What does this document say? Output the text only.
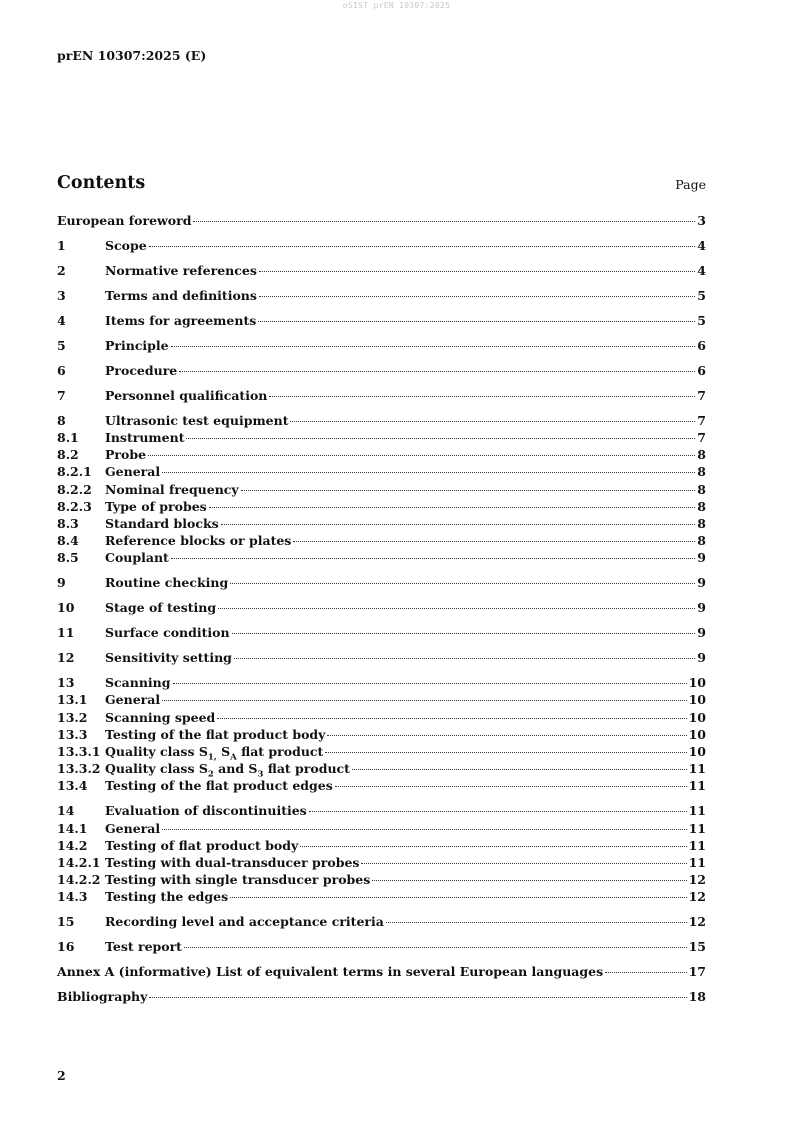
oSIST prEN 10307:2025
prEN 10307:2025 (E)
Contents	Page
European foreword	3
1	Scope	4
2	Normative references	4
3	Terms and definitions	5
4	Items for agreements	5
5	Principle	6
6	Procedure	6
7	Personnel qualification	7
8	Ultrasonic test equipment	7
8.1	Instrument	7
8.2	Probe	8
8.2.1	General	8
8.2.2	Nominal frequency	8
8.2.3	Type of probes	8
8.3	Standard blocks	8
8.4	Reference blocks or plates	8
8.5	Couplant	9
9	Routine checking	9
10	Stage of testing	9
11	Surface condition	9
12	Sensitivity setting	9
13	Scanning	10
13.1	General	10
13.2	Scanning speed	10
13.3	Testing of the flat product body	10
13.3.1 Quality class $S_{1,}$ $S_A$ flat product	10
13.3.2 Quality class $S_2$ and $S_3$ flat product	11
13.4	Testing of the flat product edges	11
14	Evaluation of discontinuities	11
14.1	General	11
14.2	Testing of flat product body	11
14.2.1 Testing with dual-transducer probes	11
14.2.2 Testing with single transducer probes	12
14.3	Testing the edges	12
15	Recording level and acceptance criteria	12
16	Test report	15
Annex A (informative) List of equivalent terms in several European languages	17
Bibliography	18
2
